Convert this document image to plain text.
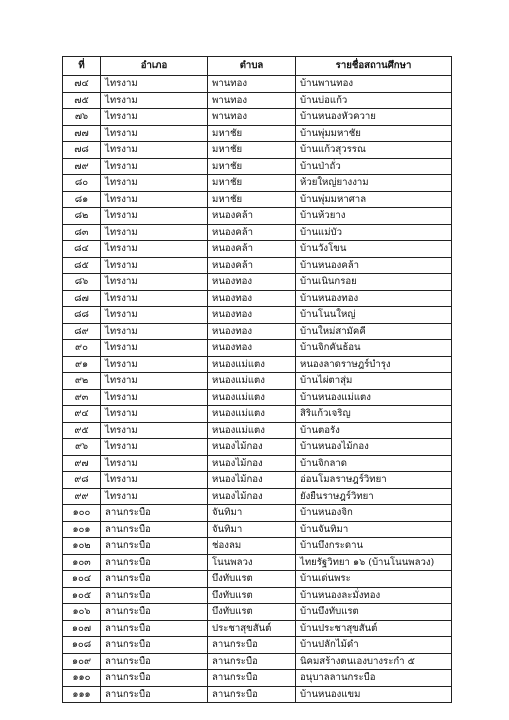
ที่	อำเภอ	ตำบล	รายชื่อสถานศึกษา
๗๔	ไทรงาม	พานทอง	บ้านพานทอง
๗๕	ไทรงาม	พานทอง	บ้านบ่อแก้ว
๗๖	ไทรงาม	พานทอง	บ้านหนองหัวควาย
๗๗	ไทรงาม	มหาชัย	บ้านพุ่มมหาชัย
๗๘	ไทรงาม	มหาชัย	บ้านแก้วสุวรรณ
๗๙	ไทรงาม	มหาชัย	บ้านป่าถั่ว
๘๐	ไทรงาม	มหาชัย	ห้วยใหญ่ยางงาม
๘๑	ไทรงาม	มหาชัย	บ้านพุ่มมหาศาล
๘๒	ไทรงาม	หนองคล้า	บ้านห้วยาง
๘๓	ไทรงาม	หนองคล้า	บ้านแม่บัว
๘๔	ไทรงาม	หนองคล้า	บ้านวังโขน
๘๕	ไทรงาม	หนองคล้า	บ้านหนองคล้า
๘๖	ไทรงาม	หนองทอง	บ้านเนินกรอย
๘๗	ไทรงาม	หนองทอง	บ้านหนองทอง
๘๘	ไทรงาม	หนองทอง	บ้านโนนใหญ่
๘๙	ไทรงาม	หนองทอง	บ้านใหม่สามัคคี
๙๐	ไทรงาม	หนองทอง	บ้านจิกคันธ้อน
๙๑	ไทรงาม	หนองแม่แตง	หนองลาดราษฎร์บำรุง
๙๒	ไทรงาม	หนองแม่แตง	บ้านไผ่ตาสุ่ม
๙๓	ไทรงาม	หนองแม่แตง	บ้านหนองแม่แตง
๙๔	ไทรงาม	หนองแม่แตง	สิริแก้วเจริญ
๙๕	ไทรงาม	หนองแม่แตง	บ้านตอรัง
๙๖	ไทรงาม	หนองไม้กอง	บ้านหนองไม้กอง
๙๗	ไทรงาม	หนองไม้กอง	บ้านจิกลาด
๙๘	ไทรงาม	หนองไม้กอง	อ่อนโมลราษฎร์วิทยา
๙๙	ไทรงาม	หนองไม้กอง	ยังยืนราษฎร์วิทยา
๑๐๐	ลานกระบือ	จันทิมา	บ้านหนองจิก
๑๐๑	ลานกระบือ	จันทิมา	บ้านจันทิมา
๑๐๒	ลานกระบือ	ช่องลม	บ้านบึงกระดาน
๑๐๓	ลานกระบือ	โนนพลวง	ไทยรัฐวิทยา ๑๖ (บ้านโนนพลวง)
๑๐๔	ลานกระบือ	บึงทับแรต	บ้านเด่นพระ
๑๐๕	ลานกระบือ	บึงทับแรต	บ้านหนองละมั่งทอง
๑๐๖	ลานกระบือ	บึงทับแรต	บ้านบึงทับแรต
๑๐๗	ลานกระบือ	ประชาสุขสันต์	บ้านประชาสุขสันต์
๑๐๘	ลานกระบือ	ลานกระบือ	บ้านปลักไม้ดำ
๑๐๙	ลานกระบือ	ลานกระบือ	นิคมสร้างตนเองบางระกำ ๕
๑๑๐	ลานกระบือ	ลานกระบือ	อนุบาลลานกระบือ
๑๑๑	ลานกระบือ	ลานกระบือ	บ้านหนองแขม
